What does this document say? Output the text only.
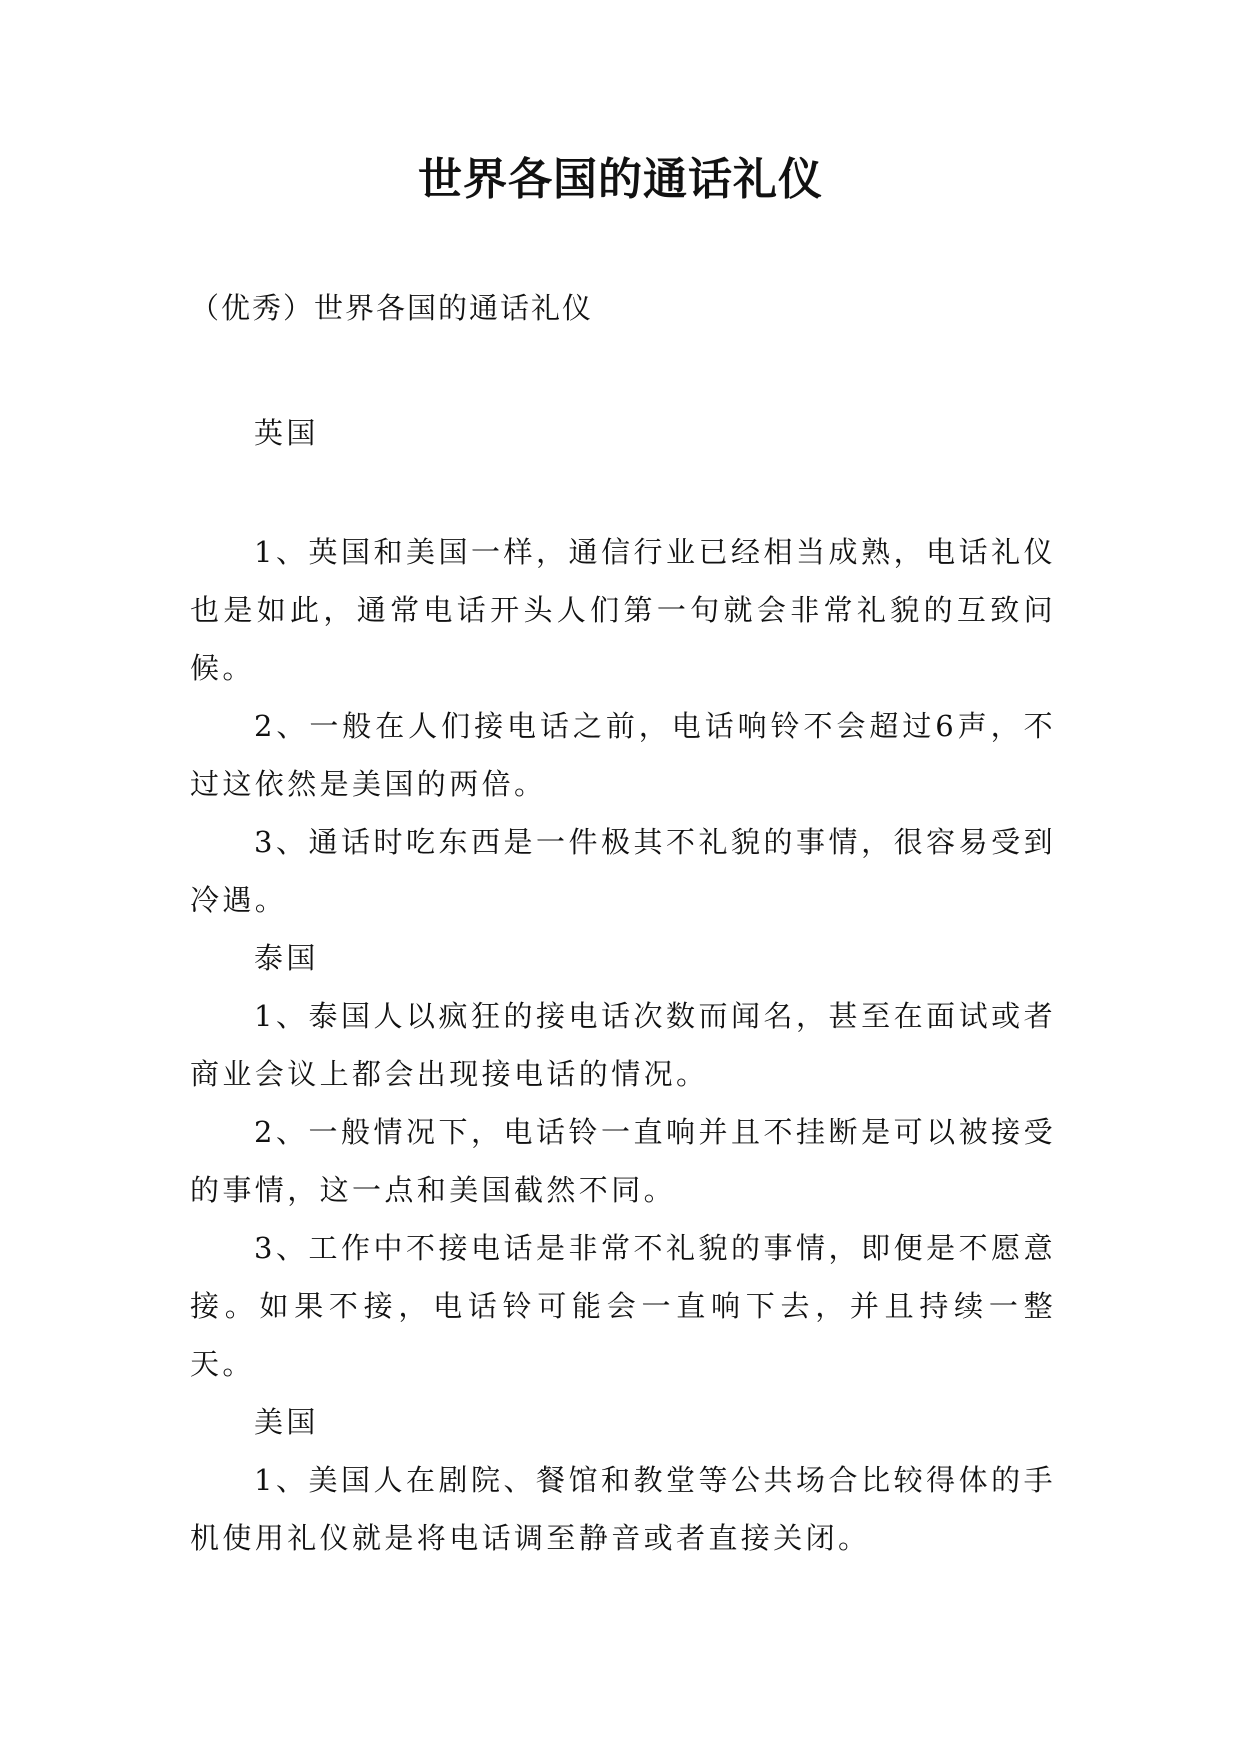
世界各国的通话礼仪
（优秀）世界各国的通话礼仪

英国

1、英国和美国一样，通信行业已经相当成熟，电话礼仪也是如此，通常电话开头人们第一句就会非常礼貌的互致问候。

2、一般在人们接电话之前，电话响铃不会超过6声，不过这依然是美国的两倍。

3、通话时吃东西是一件极其不礼貌的事情，很容易受到冷遇。

泰国

1、泰国人以疯狂的接电话次数而闻名，甚至在面试或者商业会议上都会出现接电话的情况。

2、一般情况下，电话铃一直响并且不挂断是可以被接受的事情，这一点和美国截然不同。

3、工作中不接电话是非常不礼貌的事情，即便是不愿意接。如果不接，电话铃可能会一直响下去，并且持续一整天。

美国

1、美国人在剧院、餐馆和教堂等公共场合比较得体的手机使用礼仪就是将电话调至静音或者直接关闭。
